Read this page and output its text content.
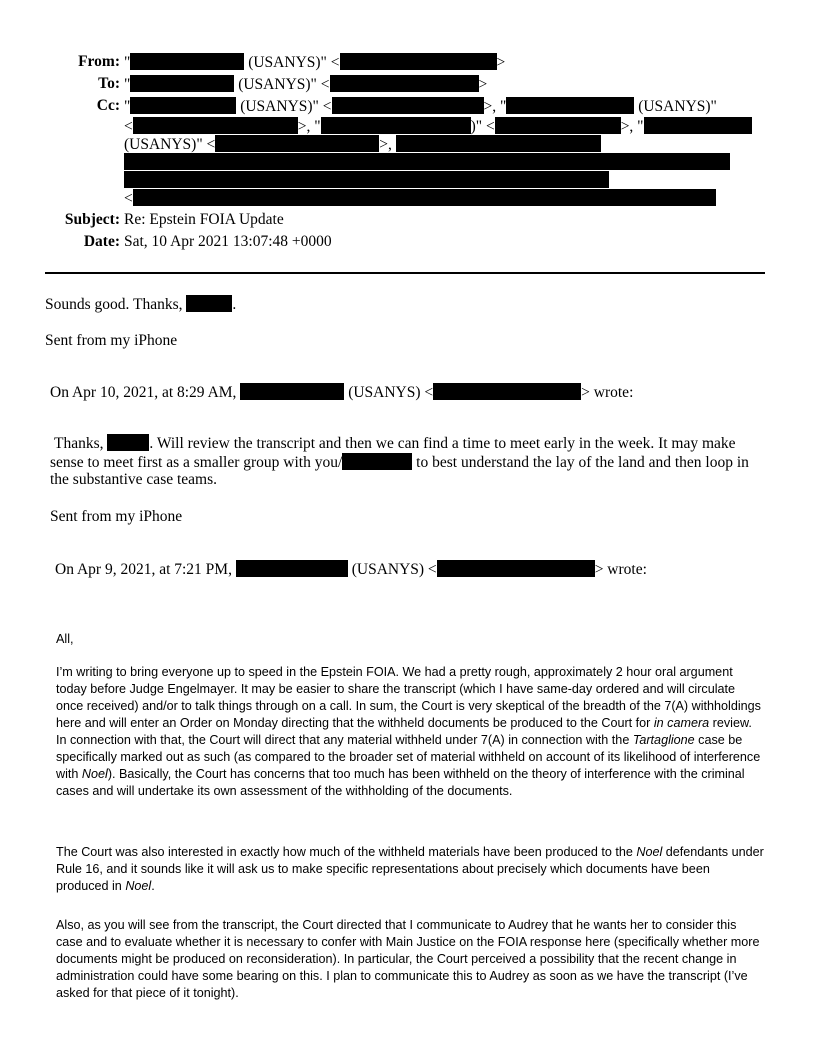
From: "	(USANYS)" <	>
To: "	(USANYS)" <	>
Cc: "	(USANYS)" <	>, "	(USANYS)"
<	>, "	)" <	>, "
(USANYS)" <	>,
<
Subject: Re: Epstein FOIA Update
Date: Sat, 10 Apr 2021 13:07:48 +0000
Sounds good. Thanks,	.
Sent from my iPhone
On Apr 10, 2021, at 8:29 AM,	(USANYS) <	> wrote:
Thanks,	. Will review the transcript and then we can find a time to meet early in the week. It may make
sense to meet first as a smaller group with you/	to best understand the lay of the land and then loop in
the substantive case teams.
Sent from my iPhone
On Apr 9, 2021, at 7:21 PM,	(USANYS) <	> wrote:
All,

I’m writing to bring everyone up to speed in the Epstein FOIA. We had a pretty rough, approximately 2 hour oral argument today before Judge Engelmayer. It may be easier to share the transcript (which I have same-day ordered and will circulate once received) and/or to talk things through on a call. In sum, the Court is very skeptical of the breadth of the 7(A) withholdings here and will enter an Order on Monday directing that the withheld documents be produced to the Court for in camera review. In connection with that, the Court will direct that any material withheld under 7(A) in connection with the Tartaglione case be specifically marked out as such (as compared to the broader set of material withheld on account of its likelihood of interference with Noel). Basically, the Court has concerns that too much has been withheld on the theory of interference with the criminal cases and will undertake its own assessment of the withholding of the documents.

The Court was also interested in exactly how much of the withheld materials have been produced to the Noel defendants under Rule 16, and it sounds like it will ask us to make specific representations about precisely which documents have been produced in Noel.

Also, as you will see from the transcript, the Court directed that I communicate to Audrey that he wants her to consider this case and to evaluate whether it is necessary to confer with Main Justice on the FOIA response here (specifically whether more documents might be produced on reconsideration). In particular, the Court perceived a possibility that the recent change in administration could have some bearing on this. I plan to communicate this to Audrey as soon as we have the transcript (I’ve asked for that piece of it tonight).
